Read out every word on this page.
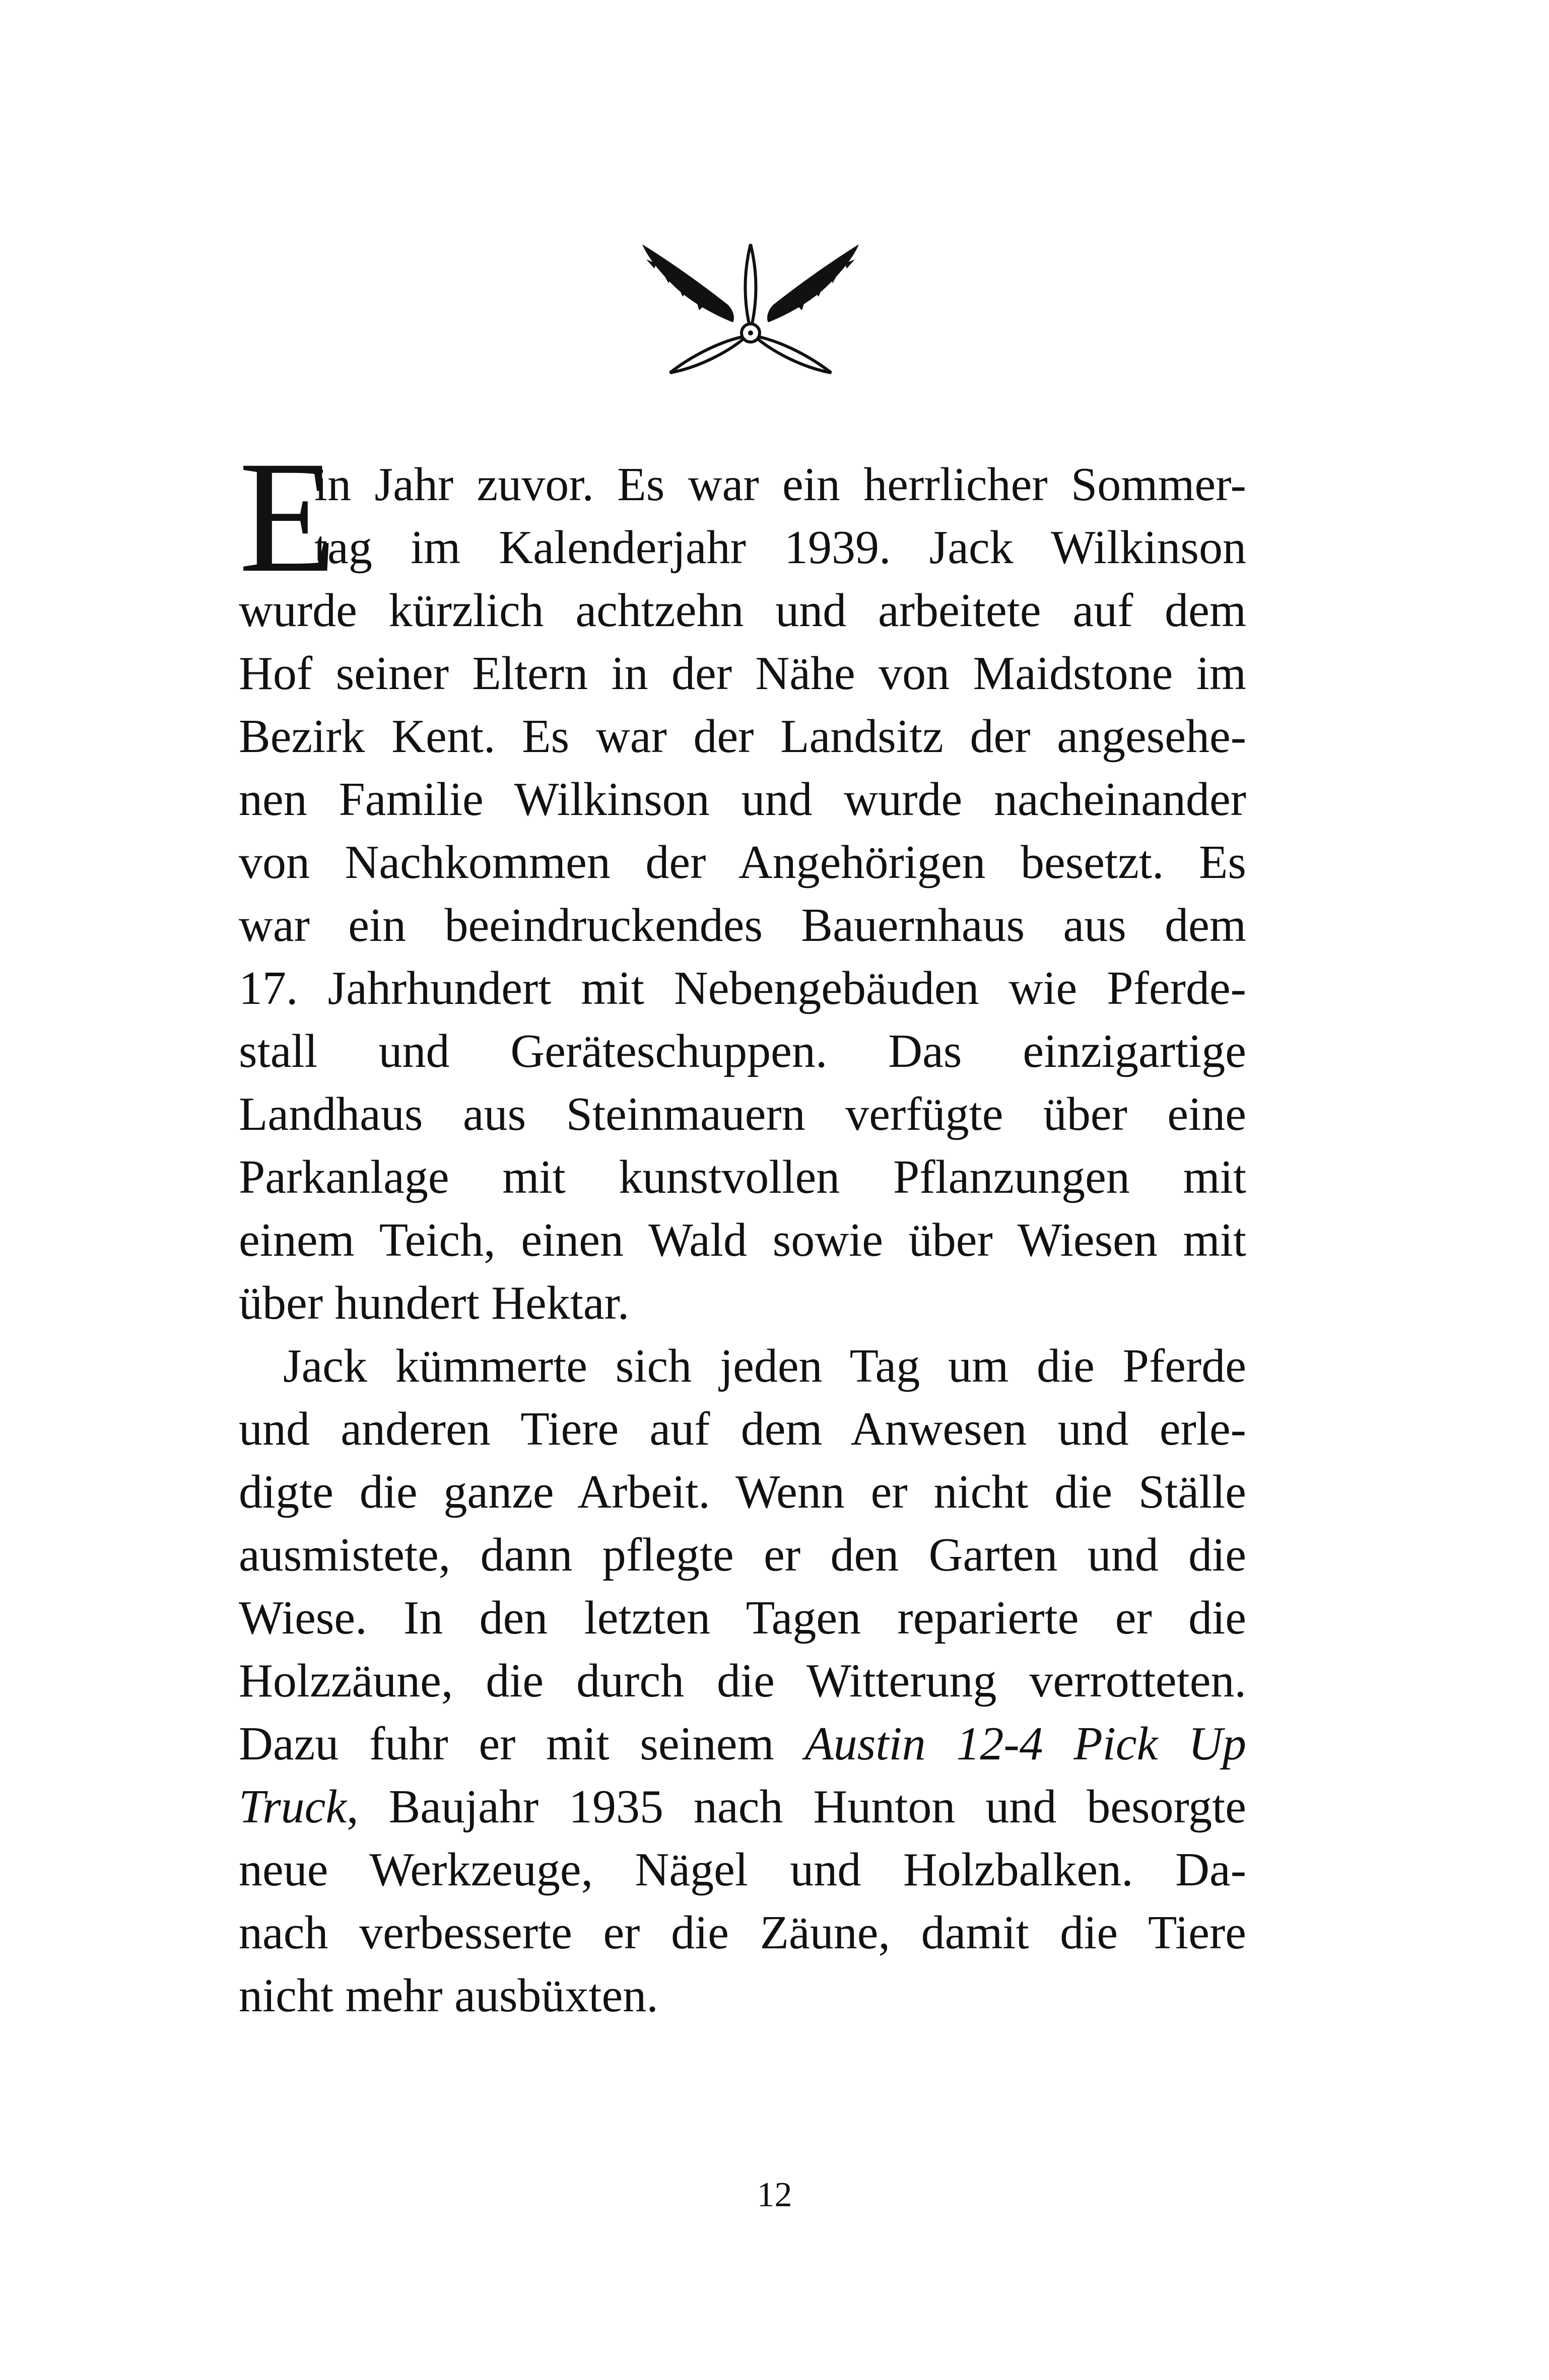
E
in Jahr zuvor. Es war ein herrlicher Sommer-
tag im Kalenderjahr 1939. Jack Wilkinson
wurde kürzlich achtzehn und arbeitete auf dem
Hof seiner Eltern in der Nähe von Maidstone im
Bezirk Kent. Es war der Landsitz der angesehe-
nen Familie Wilkinson und wurde nacheinander
von Nachkommen der Angehörigen besetzt. Es
war ein beeindruckendes Bauernhaus aus dem
17. Jahrhundert mit Nebengebäuden wie Pferde-
stall und Geräteschuppen. Das einzigartige
Landhaus aus Steinmauern verfügte über eine
Parkanlage mit kunstvollen Pflanzungen mit
einem Teich, einen Wald sowie über Wiesen mit
über hundert Hektar.
Jack kümmerte sich jeden Tag um die Pferde
und anderen Tiere auf dem Anwesen und erle-
digte die ganze Arbeit. Wenn er nicht die Ställe
ausmistete, dann pflegte er den Garten und die
Wiese. In den letzten Tagen reparierte er die
Holzzäune, die durch die Witterung verrotteten.
Dazu fuhr er mit seinem Austin 12-4 Pick Up
Truck, Baujahr 1935 nach Hunton und besorgte
neue Werkzeuge, Nägel und Holzbalken. Da-
nach verbesserte er die Zäune, damit die Tiere
nicht mehr ausbüxten.
12
